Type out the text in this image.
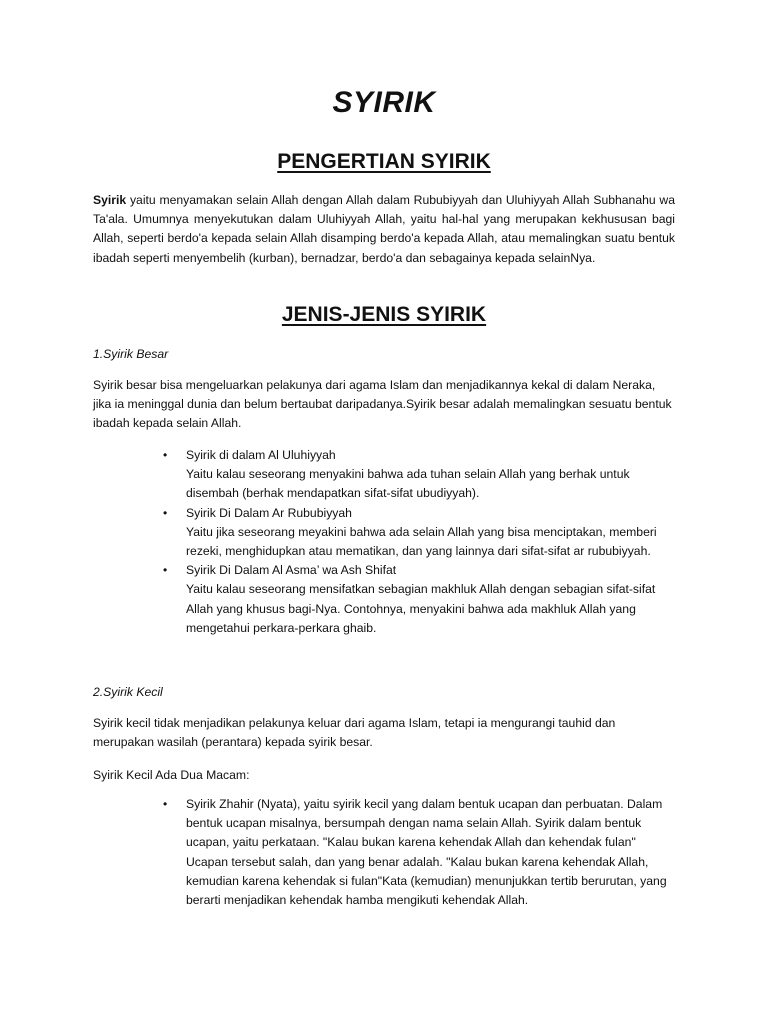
SYIRIK
PENGERTIAN SYIRIK

Syirik yaitu menyamakan selain Allah dengan Allah dalam Rububiyyah dan Uluhiyyah Allah Subhanahu wa Ta'ala. Umumnya menyekutukan dalam Uluhiyyah Allah, yaitu hal-hal yang merupakan kekhususan bagi Allah, seperti berdo'a kepada selain Allah disamping berdo'a kepada Allah, atau memalingkan suatu bentuk ibadah seperti menyembelih (kurban), bernadzar, berdo'a dan sebagainya kepada selainNya.

JENIS-JENIS SYIRIK
1.Syirik Besar

Syirik besar bisa mengeluarkan pelakunya dari agama Islam dan menjadikannya kekal di dalam Neraka, jika ia meninggal dunia dan belum bertaubat daripadanya.Syirik besar adalah memalingkan sesuatu bentuk ibadah kepada selain Allah.

• Syirik di dalam Al Uluhiyyah
Yaitu kalau seseorang menyakini bahwa ada tuhan selain Allah yang berhak untuk disembah (berhak mendapatkan sifat-sifat ubudiyyah).
• Syirik Di Dalam Ar Rububiyyah
Yaitu jika seseorang meyakini bahwa ada selain Allah yang bisa menciptakan, memberi rezeki, menghidupkan atau mematikan, dan yang lainnya dari sifat-sifat ar rububiyyah.
• Syirik Di Dalam Al Asma’ wa Ash Shifat
Yaitu kalau seseorang mensifatkan sebagian makhluk Allah dengan sebagian sifat-sifat Allah yang khusus bagi-Nya. Contohnya, menyakini bahwa ada makhluk Allah yang mengetahui perkara-perkara ghaib.
2.Syirik Kecil

Syirik kecil tidak menjadikan pelakunya keluar dari agama Islam, tetapi ia mengurangi tauhid dan merupakan wasilah (perantara) kepada syirik besar.

Syirik Kecil Ada Dua Macam:

• Syirik Zhahir (Nyata), yaitu syirik kecil yang dalam bentuk ucapan dan perbuatan. Dalam bentuk ucapan misalnya, bersumpah dengan nama selain Allah. Syirik dalam bentuk ucapan, yaitu perkataan. "Kalau bukan karena kehendak Allah dan kehendak fulan" Ucapan tersebut salah, dan yang benar adalah. "Kalau bukan karena kehendak Allah, kemudian karena kehendak si fulan"Kata (kemudian) menunjukkan tertib berurutan, yang berarti menjadikan kehendak hamba mengikuti kehendak Allah.
